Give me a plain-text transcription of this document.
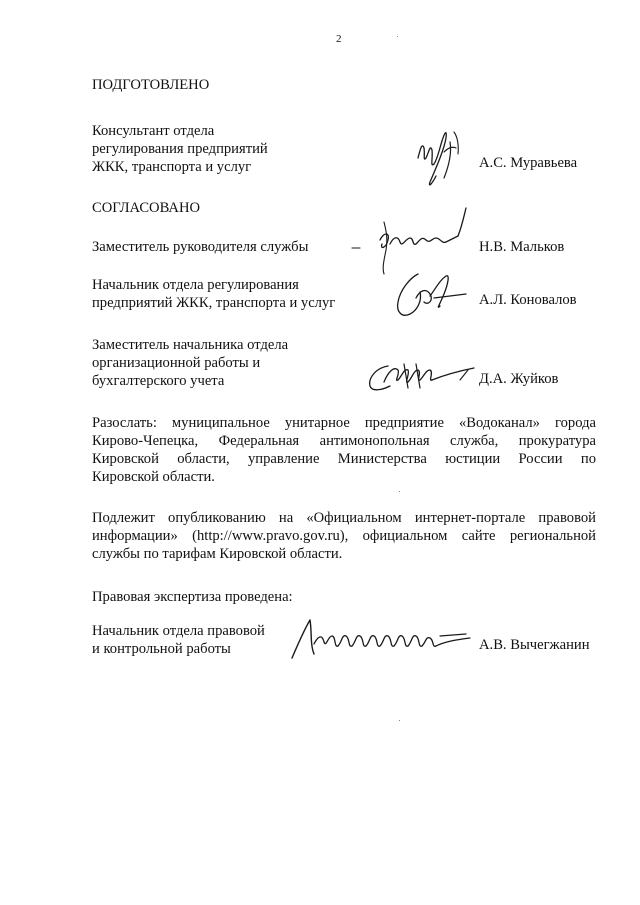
2
ПОДГОТОВЛЕНО
Консультант отдела
регулирования предприятий
ЖКК, транспорта и услуг	А.С. Муравьева
СОГЛАСОВАНО
Заместитель руководителя службы	Н.В. Мальков
Начальник отдела регулирования
предприятий ЖКК, транспорта и услуг	А.Л. Коновалов
Заместитель начальника отдела
организационной работы и
бухгалтерского учета	Д.А. Жуйков
Разослать: муниципальное унитарное предприятие «Водоканал» города
Кирово-Чепецка, Федеральная антимонопольная служба, прокуратура
Кировской области, управление Министерства юстиции России по
Кировской области.
Подлежит опубликованию на «Официальном интернет-портале правовой
информации» (http://www.pravo.gov.ru), официальном сайте региональной
службы по тарифам Кировской области.
Правовая экспертиза проведена:
Начальник отдела правовой
и контрольной работы	А.В. Вычегжанин
